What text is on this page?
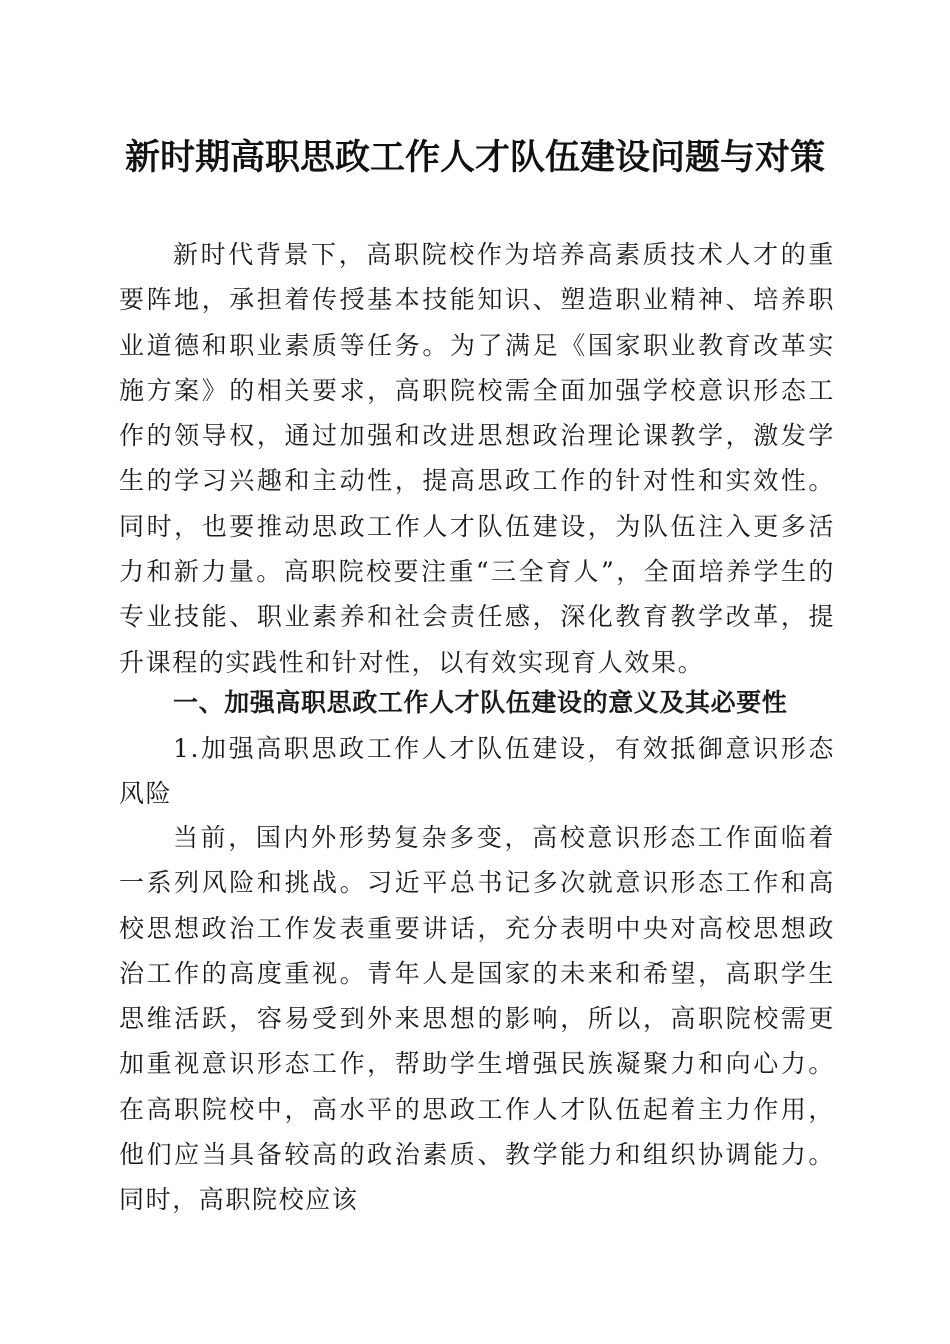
新时期高职思政工作人才队伍建设问题与对策

新时代背景下，高职院校作为培养高素质技术人才的重要阵地，承担着传授基本技能知识、塑造职业精神、培养职业道德和职业素质等任务。为了满足《国家职业教育改革实施方案》的相关要求，高职院校需全面加强学校意识形态工作的领导权，通过加强和改进思想政治理论课教学，激发学生的学习兴趣和主动性，提高思政工作的针对性和实效性。同时，也要推动思政工作人才队伍建设，为队伍注入更多活力和新力量。高职院校要注重“三全育人”，全面培养学生的专业技能、职业素养和社会责任感，深化教育教学改革，提升课程的实践性和针对性，以有效实现育人效果。

一、加强高职思政工作人才队伍建设的意义及其必要性

1.加强高职思政工作人才队伍建设，有效抵御意识形态风险

当前，国内外形势复杂多变，高校意识形态工作面临着一系列风险和挑战。习近平总书记多次就意识形态工作和高校思想政治工作发表重要讲话，充分表明中央对高校思想政治工作的高度重视。青年人是国家的未来和希望，高职学生思维活跃，容易受到外来思想的影响，所以，高职院校需更加重视意识形态工作，帮助学生增强民族凝聚力和向心力。在高职院校中，高水平的思政工作人才队伍起着主力作用，他们应当具备较高的政治素质、教学能力和组织协调能力。同时，高职院校应该
